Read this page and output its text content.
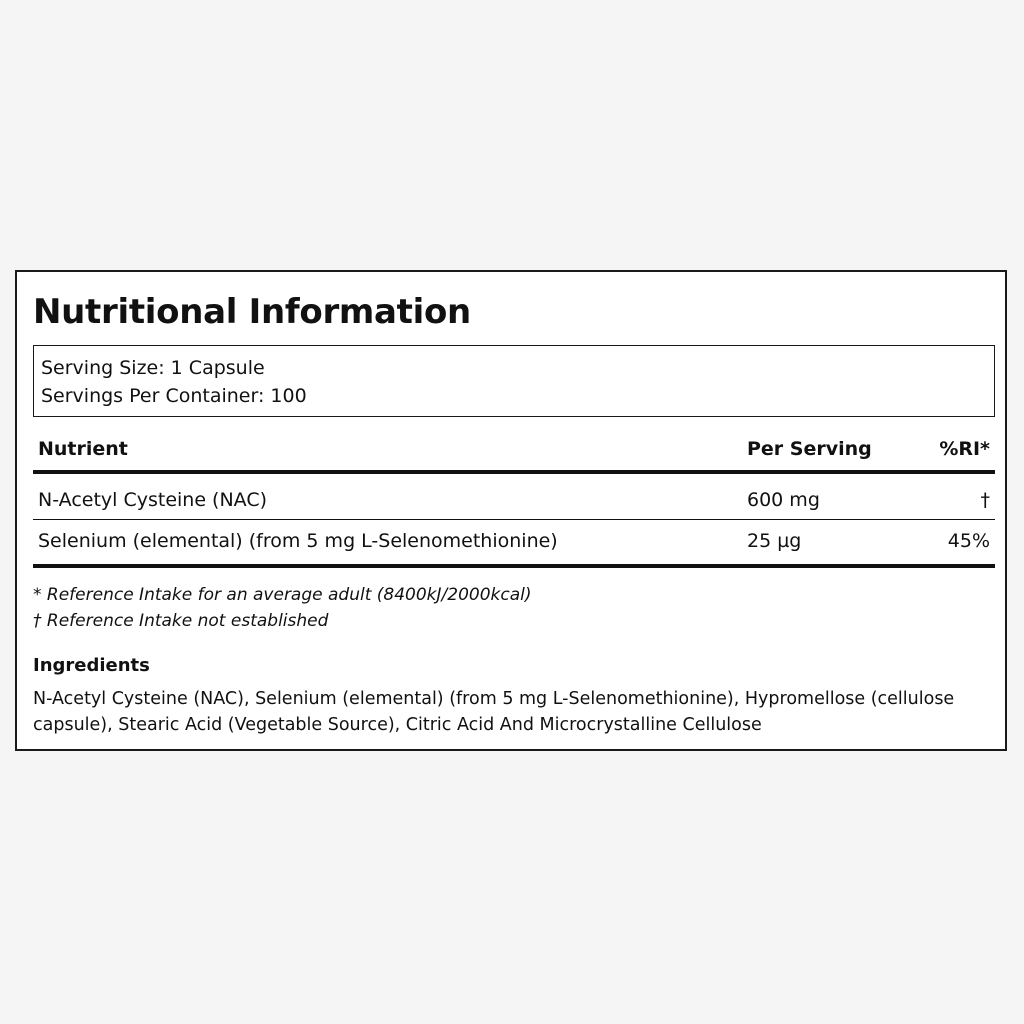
Nutritional Information
Serving Size: 1 Capsule
Servings Per Container: 100
Nutrient	Per Serving	%RI*
N-Acetyl Cysteine (NAC)	600 mg	†
Selenium (elemental) (from 5 mg L-Selenomethionine)	25 µg	45%
* Reference Intake for an average adult (8400kJ/2000kcal)
† Reference Intake not established
Ingredients

N-Acetyl Cysteine (NAC), Selenium (elemental) (from 5 mg L-Selenomethionine), Hypromellose (cellulose capsule), Stearic Acid (Vegetable Source), Citric Acid And Microcrystalline Cellulose
